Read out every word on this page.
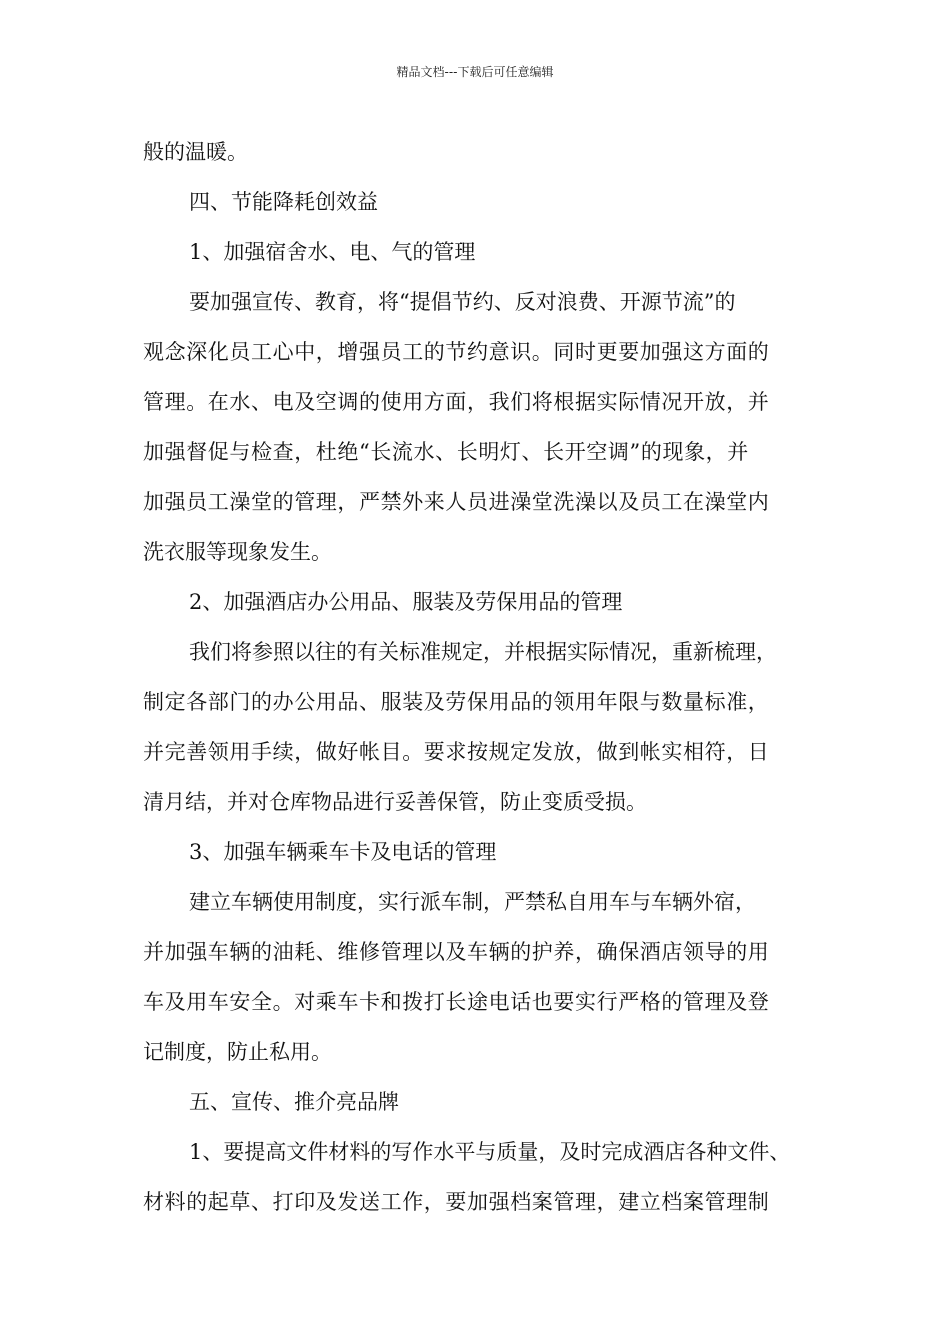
精品文档---下载后可任意编辑
般的温暖。
四、节能降耗创效益
1、加强宿舍水、电、气的管理
要加强宣传、教育，将“提倡节约、反对浪费、开源节流”的
观念深化员工心中，增强员工的节约意识。同时更要加强这方面的
管理。在水、电及空调的使用方面，我们将根据实际情况开放，并
加强督促与检查，杜绝“长流水、长明灯、长开空调”的现象，并
加强员工澡堂的管理，严禁外来人员进澡堂洗澡以及员工在澡堂内
洗衣服等现象发生。
2、加强酒店办公用品、服装及劳保用品的管理
我们将参照以往的有关标准规定，并根据实际情况，重新梳理，
制定各部门的办公用品、服装及劳保用品的领用年限与数量标准，
并完善领用手续，做好帐目。要求按规定发放，做到帐实相符，日
清月结，并对仓库物品进行妥善保管，防止变质受损。
3、加强车辆乘车卡及电话的管理
建立车辆使用制度，实行派车制，严禁私自用车与车辆外宿，
并加强车辆的油耗、维修管理以及车辆的护养，确保酒店领导的用
车及用车安全。对乘车卡和拨打长途电话也要实行严格的管理及登
记制度，防止私用。
五、宣传、推介亮品牌
1、要提高文件材料的写作水平与质量，及时完成酒店各种文件、
材料的起草、打印及发送工作，要加强档案管理，建立档案管理制
